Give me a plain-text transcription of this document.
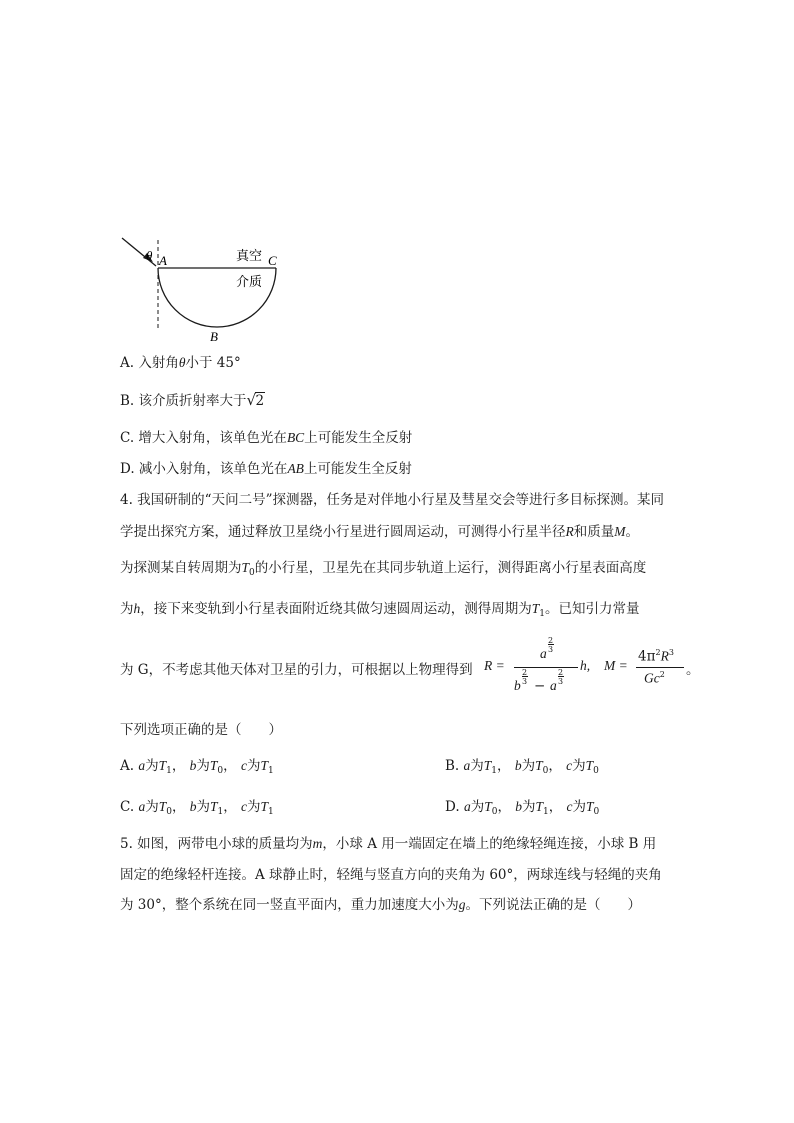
θ A	C
B
真空
介质
A. 入射角θ小于 45°
B. 该介质折射率大于 √ 2
C. 增大入射角，该单色光在BC上可能发生全反射
D. 减小入射角，该单色光在AB上可能发生全反射
4. 我国研制的“天问二号”探测器，任务是对伴地小行星及彗星交会等进行多目标探测。某同
学提出探究方案，通过释放卫星绕小行星进行圆周运动，可测得小行星半径R和质量M。
为探测某自转周期为$T_0$的小行星，卫星先在其同步轨道上运行，测得距离小行星表面高度
为h，接下来变轨到小行星表面附近绕其做匀速圆周运动，测得周期为$T_1$。已知引力常量
为 G，不考虑其他天体对卫星的引力，可根据以上物理得到 R =
a
2
3
b
2
3 − a
2
3
h, M =
$4\pi^2R^3$
Gc$^2$ 。
下列选项正确的是（　　）
A. a为$T_1$， b为$T_0$， c为$T_1$	B. a为$T_1$， b为$T_0$， c为$T_0$
C. a为$T_0$， b为$T_1$， c为$T_1$	D. a为$T_0$， b为$T_1$， c为$T_0$
5. 如图，两带电小球的质量均为m，小球 A 用一端固定在墙上的绝缘轻绳连接，小球 B 用
固定的绝缘轻杆连接。A 球静止时，轻绳与竖直方向的夹角为 60°，两球连线与轻绳的夹角
为 30°，整个系统在同一竖直平面内，重力加速度大小为g。下列说法正确的是（　　）
